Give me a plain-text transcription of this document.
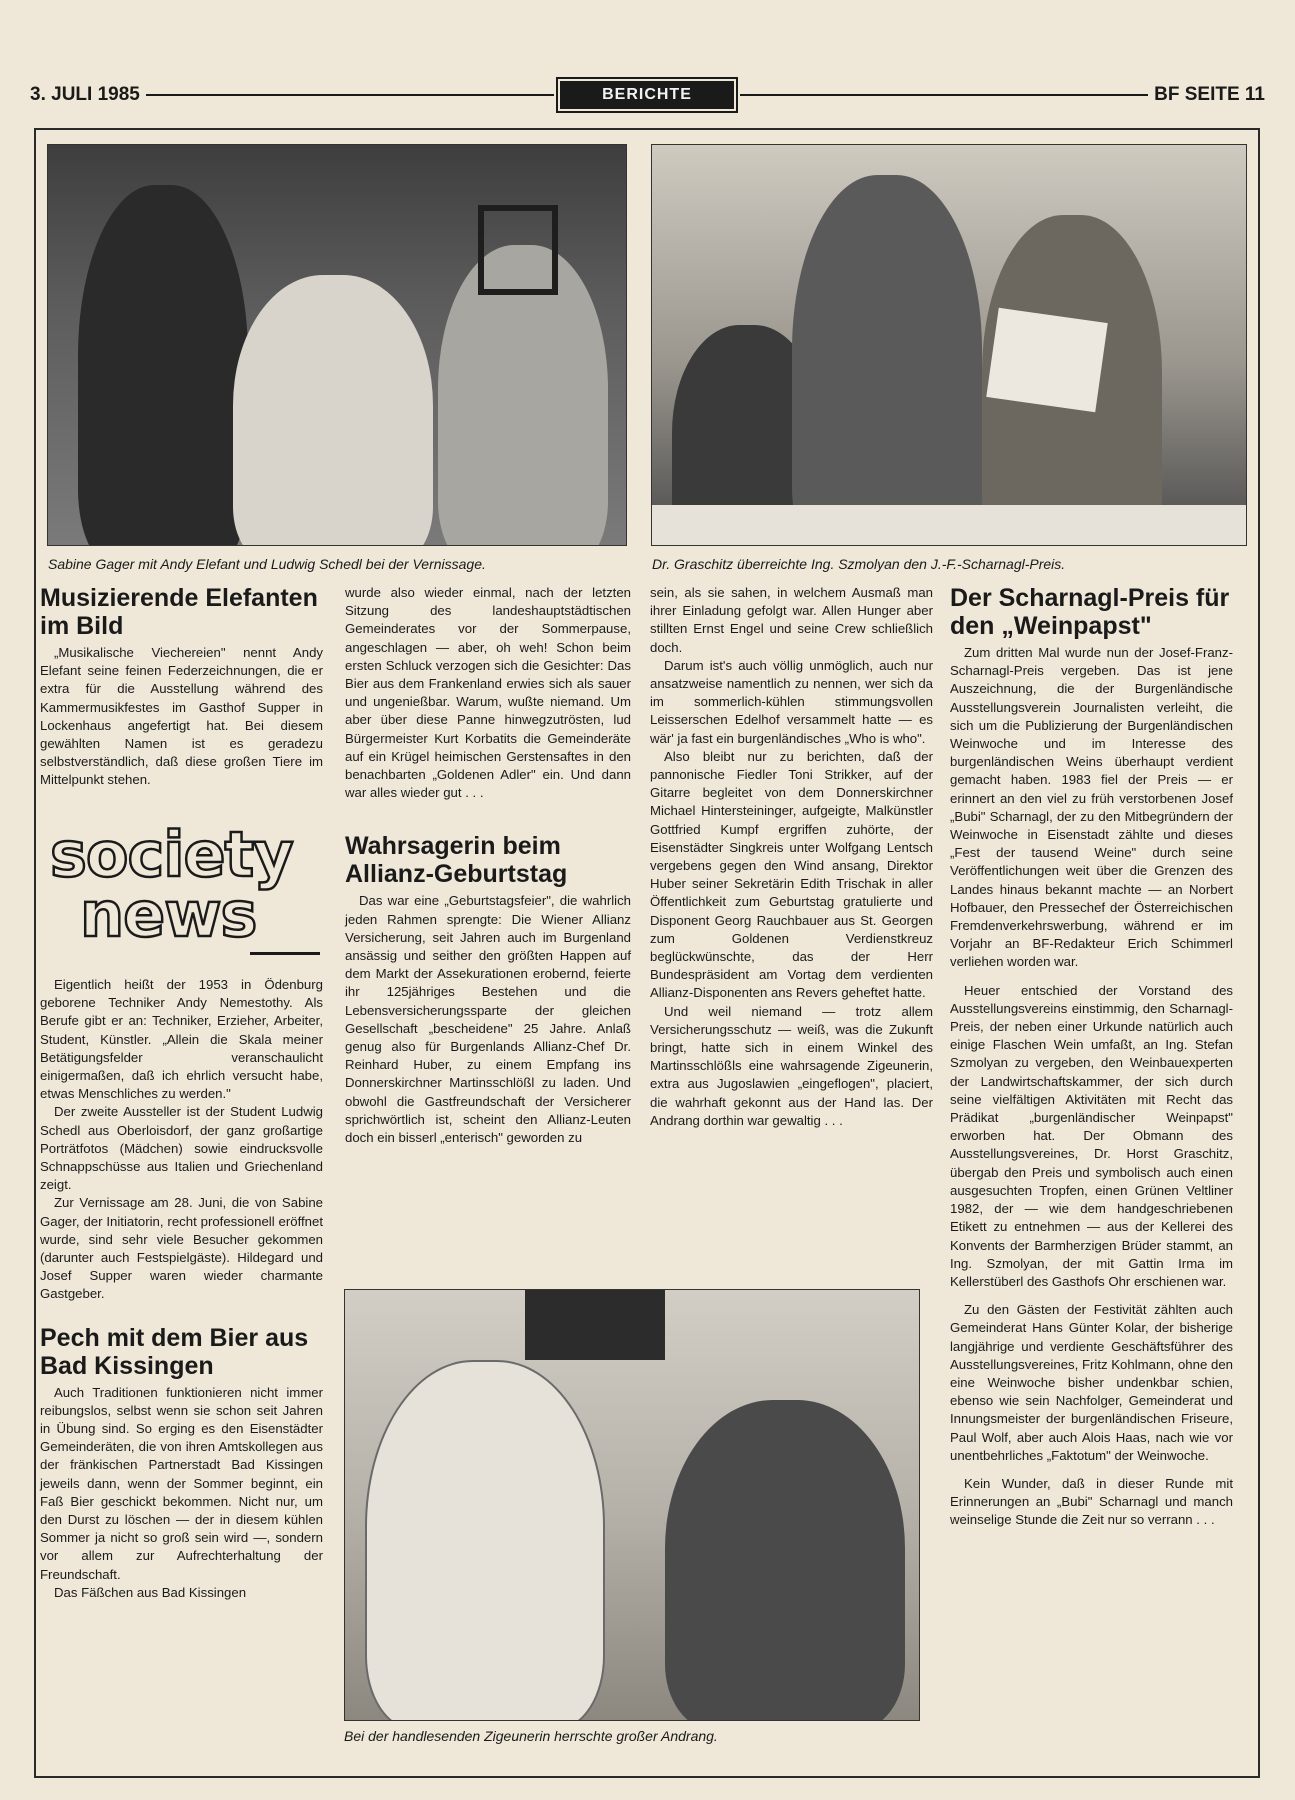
3. JULI 1985	BERICHTE	BF SEITE 11
Sabine Gager mit Andy Elefant und Ludwig Schedl bei der Vernissage.	Dr. Graschitz überreichte Ing. Szmolyan den J.-F.-Scharnagl-Preis.
Bei der handlesenden Zigeunerin herrschte großer Andrang.
Musizierende Elefanten im Bild

„Musikalische Viechereien" nennt Andy Elefant seine feinen Federzeichnungen, die er extra für die Ausstellung während des Kammermusikfestes im Gasthof Supper in Lockenhaus angefertigt hat. Bei diesem gewählten Namen ist es geradezu selbstverständlich, daß diese großen Tiere im Mittelpunkt stehen.

society
news

Eigentlich heißt der 1953 in Ödenburg geborene Techniker Andy Nemestothy. Als Berufe gibt er an: Techniker, Erzieher, Arbeiter, Student, Künstler. „Allein die Skala meiner Betätigungsfelder veranschaulicht einigermaßen, daß ich ehrlich versucht habe, etwas Menschliches zu werden."

Der zweite Aussteller ist der Student Ludwig Schedl aus Oberloisdorf, der ganz großartige Porträtfotos (Mädchen) sowie eindrucksvolle Schnappschüsse aus Italien und Griechenland zeigt.

Zur Vernissage am 28. Juni, die von Sabine Gager, der Initiatorin, recht professionell eröffnet wurde, sind sehr viele Besucher gekommen (darunter auch Festspielgäste). Hildegard und Josef Supper waren wieder charmante Gastgeber.

Pech mit dem Bier aus Bad Kissingen

Auch Traditionen funktionieren nicht immer reibungslos, selbst wenn sie schon seit Jahren in Übung sind. So erging es den Eisenstädter Gemeinderäten, die von ihren Amtskollegen aus der fränkischen Partnerstadt Bad Kissingen jeweils dann, wenn der Sommer beginnt, ein Faß Bier geschickt bekommen. Nicht nur, um den Durst zu löschen — der in diesem kühlen Sommer ja nicht so groß sein wird —, sondern vor allem zur Aufrechterhaltung der Freundschaft.

Das Fäßchen aus Bad Kissingen

wurde also wieder einmal, nach der letzten Sitzung des landeshauptstädtischen Gemeinderates vor der Sommerpause, angeschlagen — aber, oh weh! Schon beim ersten Schluck verzogen sich die Gesichter: Das Bier aus dem Frankenland erwies sich als sauer und ungenießbar. Warum, wußte niemand. Um aber über diese Panne hinwegzutrösten, lud Bürgermeister Kurt Korbatits die Gemeinderäte auf ein Krügel heimischen Gerstensaftes in den benachbarten „Goldenen Adler" ein. Und dann war alles wieder gut . . .

Wahrsagerin beim Allianz-Geburtstag

Das war eine „Geburtstagsfeier", die wahrlich jeden Rahmen sprengte: Die Wiener Allianz Versicherung, seit Jahren auch im Burgenland ansässig und seither den größten Happen auf dem Markt der Assekurationen erobernd, feierte ihr 125jähriges Bestehen und die Lebensversicherungssparte der gleichen Gesellschaft „bescheidene" 25 Jahre. Anlaß genug also für Burgenlands Allianz-Chef Dr. Reinhard Huber, zu einem Empfang ins Donnerskirchner Martinsschlößl zu laden. Und obwohl die Gastfreundschaft der Versicherer sprichwörtlich ist, scheint den Allianz-Leuten doch ein bisserl „enterisch" geworden zu

sein, als sie sahen, in welchem Ausmaß man ihrer Einladung gefolgt war. Allen Hunger aber stillten Ernst Engel und seine Crew schließlich doch.

Darum ist's auch völlig unmöglich, auch nur ansatzweise namentlich zu nennen, wer sich da im sommerlich-kühlen stimmungsvollen Leisserschen Edelhof versammelt hatte — es wär' ja fast ein burgenländisches „Who is who".

Also bleibt nur zu berichten, daß der pannonische Fiedler Toni Strikker, auf der Gitarre begleitet von dem Donnerskirchner Michael Hintersteininger, aufgeigte, Malkünstler Gottfried Kumpf ergriffen zuhörte, der Eisenstädter Singkreis unter Wolfgang Lentsch vergebens gegen den Wind ansang, Direktor Huber seiner Sekretärin Edith Trischak in aller Öffentlichkeit zum Geburtstag gratulierte und Disponent Georg Rauchbauer aus St. Georgen zum Goldenen Verdienstkreuz beglückwünschte, das der Herr Bundespräsident am Vortag dem verdienten Allianz-Disponenten ans Revers geheftet hatte.

Und weil niemand — trotz allem Versicherungsschutz — weiß, was die Zukunft bringt, hatte sich in einem Winkel des Martinsschlößls eine wahrsagende Zigeunerin, extra aus Jugoslawien „eingeflogen", placiert, die wahrhaft gekonnt aus der Hand las. Der Andrang dorthin war gewaltig . . .

Der Scharnagl-Preis für den „Weinpapst"

Zum dritten Mal wurde nun der Josef-Franz-Scharnagl-Preis vergeben. Das ist jene Auszeichnung, die der Burgenländische Ausstellungsverein Journalisten verleiht, die sich um die Publizierung der Burgenländischen Weinwoche und im Interesse des burgenländischen Weins überhaupt verdient gemacht haben. 1983 fiel der Preis — er erinnert an den viel zu früh verstorbenen Josef „Bubi" Scharnagl, der zu den Mitbegründern der Weinwoche in Eisenstadt zählte und dieses „Fest der tausend Weine" durch seine Veröffentlichungen weit über die Grenzen des Landes hinaus bekannt machte — an Norbert Hofbauer, den Pressechef der Österreichischen Fremdenverkehrswerbung, während er im Vorjahr an BF-Redakteur Erich Schimmerl verliehen worden war.

Heuer entschied der Vorstand des Ausstellungsvereins einstimmig, den Scharnagl-Preis, der neben einer Urkunde natürlich auch einige Flaschen Wein umfaßt, an Ing. Stefan Szmolyan zu vergeben, den Weinbauexperten der Landwirtschaftskammer, der sich durch seine vielfältigen Aktivitäten mit Recht das Prädikat „burgenländischer Weinpapst" erworben hat. Der Obmann des Ausstellungsvereines, Dr. Horst Graschitz, übergab den Preis und symbolisch auch einen ausgesuchten Tropfen, einen Grünen Veltliner 1982, der — wie dem handgeschriebenen Etikett zu entnehmen — aus der Kellerei des Konvents der Barmherzigen Brüder stammt, an Ing. Szmolyan, der mit Gattin Irma im Kellerstüberl des Gasthofs Ohr erschienen war.

Zu den Gästen der Festivität zählten auch Gemeinderat Hans Günter Kolar, der bisherige langjährige und verdiente Geschäftsführer des Ausstellungsvereines, Fritz Kohlmann, ohne den eine Weinwoche bisher undenkbar schien, ebenso wie sein Nachfolger, Gemeinderat und Innungsmeister der burgenländischen Friseure, Paul Wolf, aber auch Alois Haas, nach wie vor unentbehrliches „Faktotum" der Weinwoche.

Kein Wunder, daß in dieser Runde mit Erinnerungen an „Bubi" Scharnagl und manch weinselige Stunde die Zeit nur so verrann . . .
